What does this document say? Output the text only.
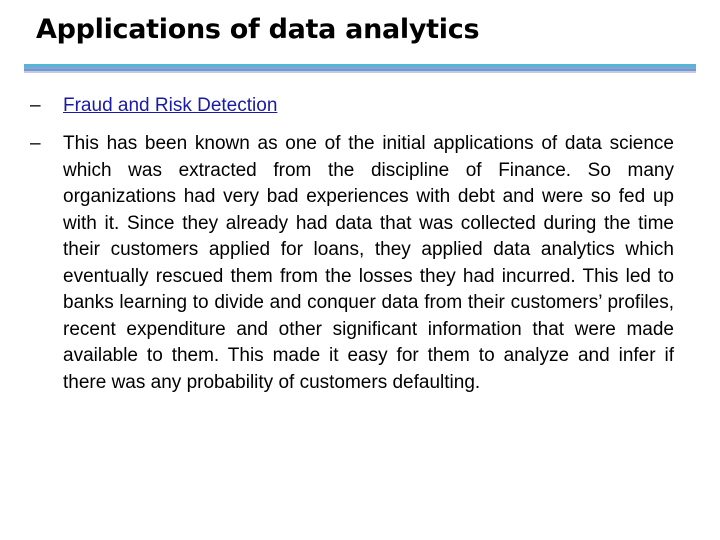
Applications of data analytics
– Fraud and Risk Detection
– This has been known as one of the initial applications of data science which was extracted from the discipline of Finance. So many organizations had very bad experiences with debt and were so fed up with it. Since they already had data that was collected during the time their customers applied for loans, they applied data analytics which eventually rescued them from the losses they had incurred. This led to banks learning to divide and conquer data from their customers’ profiles, recent expenditure and other significant information that were made available to them. This made it easy for them to analyze and infer if there was any probability of customers defaulting.
